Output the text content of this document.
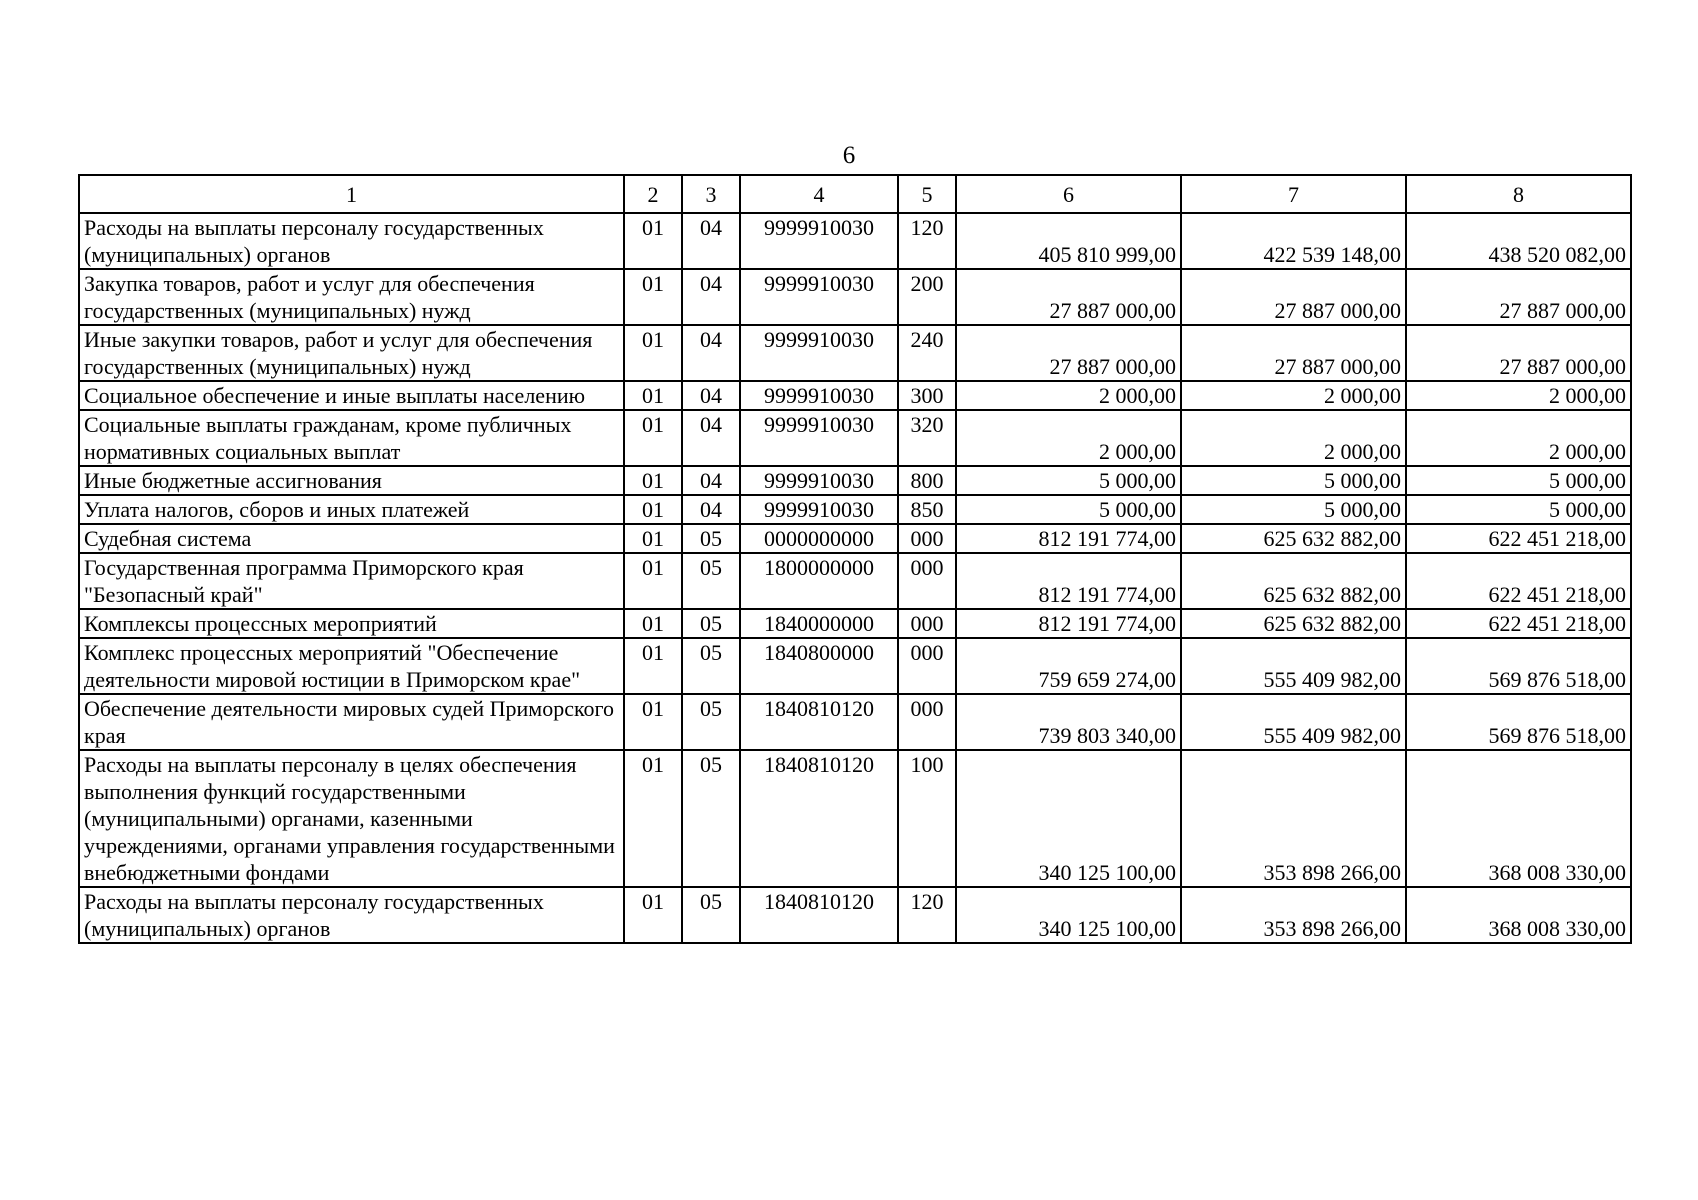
6
1	2	3	4	5	6	7	8
Расходы на выплаты персоналу государственных (муниципальных) органов	01	04	9999910030	120	405 810 999,00	422 539 148,00	438 520 082,00
Закупка товаров, работ и услуг для обеспечения государственных (муниципальных) нужд	01	04	9999910030	200	27 887 000,00	27 887 000,00	27 887 000,00
Иные закупки товаров, работ и услуг для обеспечения государственных (муниципальных) нужд	01	04	9999910030	240	27 887 000,00	27 887 000,00	27 887 000,00
Социальное обеспечение и иные выплаты населению	01	04	9999910030	300	2 000,00	2 000,00	2 000,00
Социальные выплаты гражданам, кроме публичных нормативных социальных выплат	01	04	9999910030	320	2 000,00	2 000,00	2 000,00
Иные бюджетные ассигнования	01	04	9999910030	800	5 000,00	5 000,00	5 000,00
Уплата налогов, сборов и иных платежей	01	04	9999910030	850	5 000,00	5 000,00	5 000,00
Судебная система	01	05	0000000000	000	812 191 774,00	625 632 882,00	622 451 218,00
Государственная программа Приморского края "Безопасный край"	01	05	1800000000	000	812 191 774,00	625 632 882,00	622 451 218,00
Комплексы процессных мероприятий	01	05	1840000000	000	812 191 774,00	625 632 882,00	622 451 218,00
Комплекс процессных мероприятий "Обеспечение деятельности мировой юстиции в Приморском крае"	01	05	1840800000	000	759 659 274,00	555 409 982,00	569 876 518,00
Обеспечение деятельности мировых судей Приморского края	01	05	1840810120	000	739 803 340,00	555 409 982,00	569 876 518,00
Расходы на выплаты персоналу в целях обеспечения выполнения функций государственными (муниципальными) органами, казенными учреждениями, органами управления государственными внебюджетными фондами	01	05	1840810120	100	340 125 100,00	353 898 266,00	368 008 330,00
Расходы на выплаты персоналу государственных (муниципальных) органов	01	05	1840810120	120	340 125 100,00	353 898 266,00	368 008 330,00
